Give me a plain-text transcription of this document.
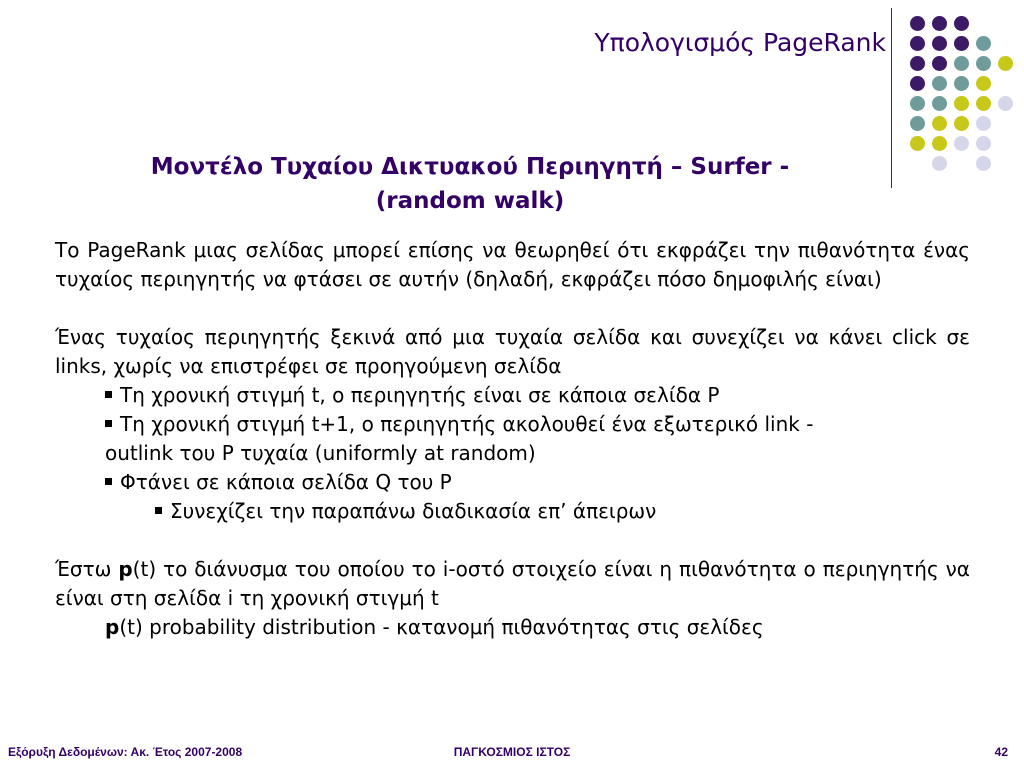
Υπολογισμός PageRank
Μοντέλο Τυχαίου Δικτυακού Περιηγητή – Surfer -
(random walk)

Το PageRank μιας σελίδας μπορεί επίσης να θεωρηθεί ότι εκφράζει την πιθανότητα ένας τυχαίος περιηγητής να φτάσει σε αυτήν (δηλαδή, εκφράζει πόσο δημοφιλής είναι)

Ένας τυχαίος περιηγητής ξεκινά από μια τυχαία σελίδα και συνεχίζει να κάνει click σε links, χωρίς να επιστρέφει σε προηγούμενη σελίδα

Τη χρονική στιγμή t, ο περιηγητής είναι σε κάποια σελίδα P

Τη χρονική στιγμή t+1, ο περιηγητής ακολουθεί ένα εξωτερικό link -

outlink του P τυχαία (uniformly at random)

Φτάνει σε κάποια σελίδα Q του P

Συνεχίζει την παραπάνω διαδικασία επ’ άπειρων

Έστω p(t) το διάνυσμα του οποίου το i-οστό στοιχείο είναι η πιθανότητα ο περιηγητής να είναι στη σελίδα i τη χρονική στιγμή t

p(t) probability distribution - κατανομή πιθανότητας στις σελίδες

Εξόρυξη Δεδομένων: Ακ. Έτος 2007-2008	ΠΑΓΚΟΣΜΙΟΣ ΙΣΤΟΣ	42
